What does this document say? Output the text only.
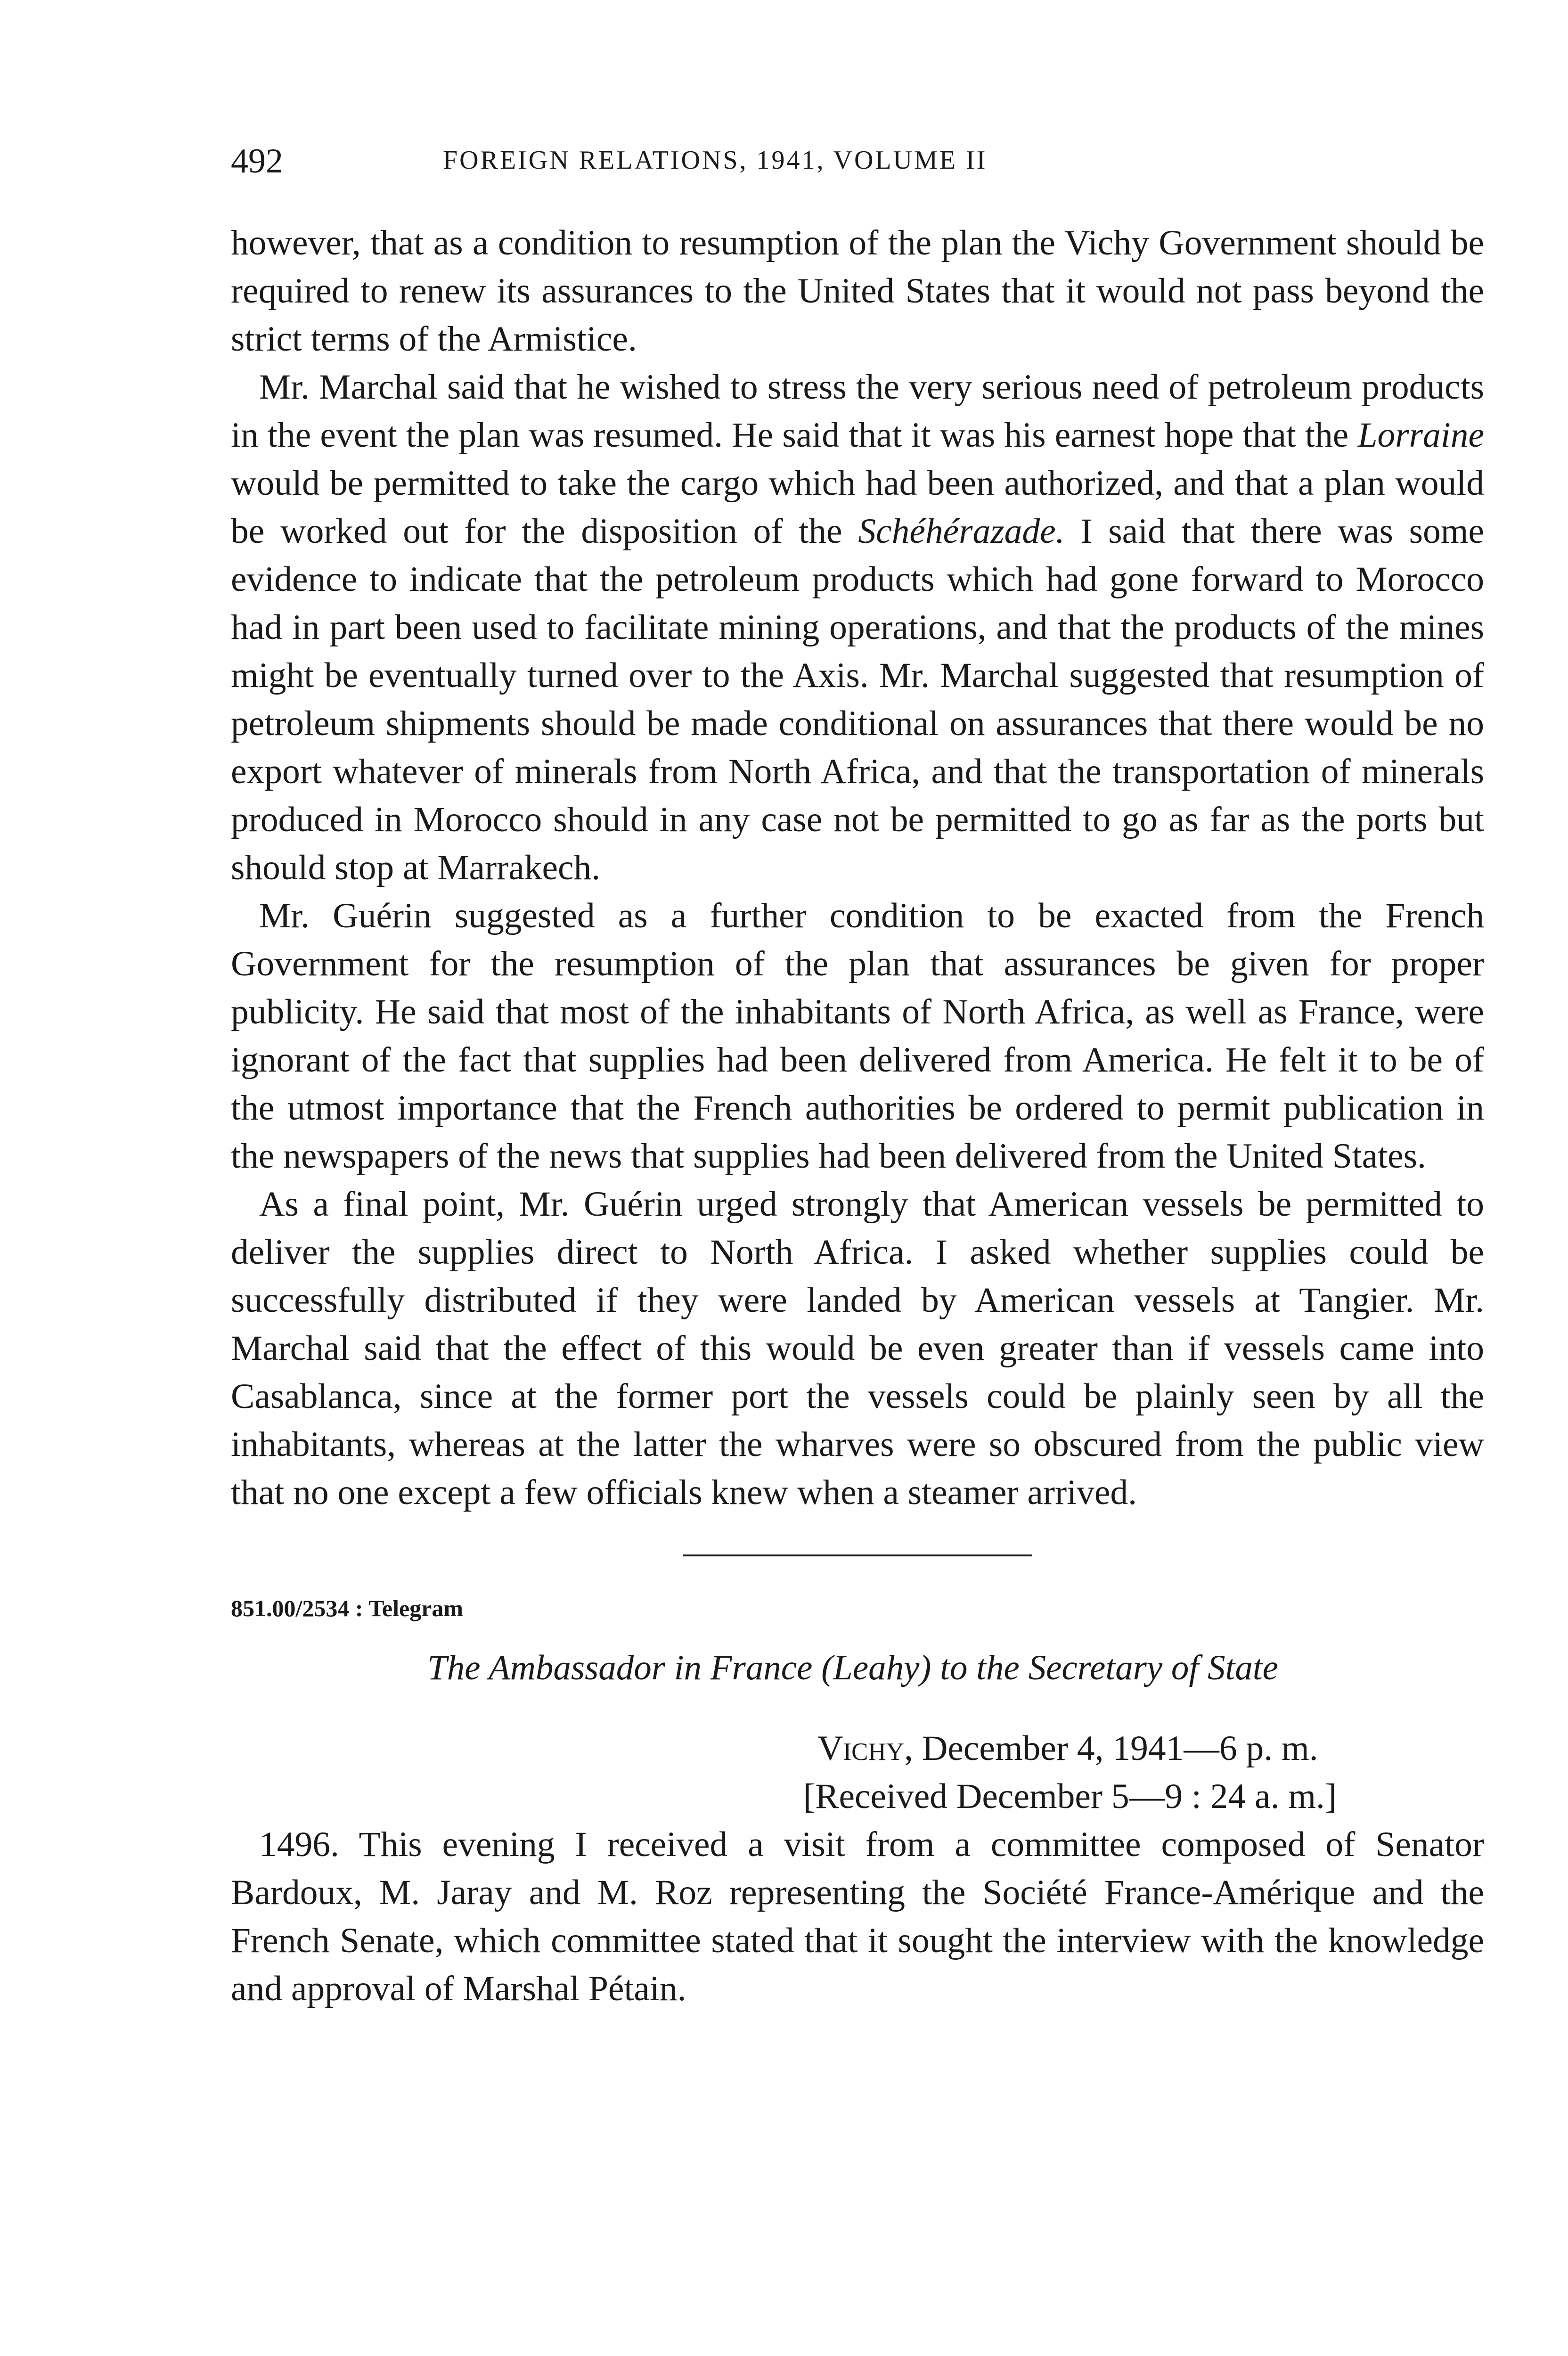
492	FOREIGN RELATIONS, 1941, VOLUME II

however, that as a condition to resumption of the plan the Vichy Government should be required to renew its assurances to the United States that it would not pass beyond the strict terms of the Armistice.

Mr. Marchal said that he wished to stress the very serious need of petroleum products in the event the plan was resumed. He said that it was his earnest hope that the Lorraine would be permitted to take the cargo which had been authorized, and that a plan would be worked out for the disposition of the Schéhérazade. I said that there was some evidence to indicate that the petroleum products which had gone forward to Morocco had in part been used to facilitate mining operations, and that the products of the mines might be eventually turned over to the Axis. Mr. Marchal suggested that resumption of petroleum shipments should be made conditional on assurances that there would be no export whatever of minerals from North Africa, and that the transportation of minerals produced in Morocco should in any case not be permitted to go as far as the ports but should stop at Marrakech.

Mr. Guérin suggested as a further condition to be exacted from the French Government for the resumption of the plan that assurances be given for proper publicity. He said that most of the inhabitants of North Africa, as well as France, were ignorant of the fact that supplies had been delivered from America. He felt it to be of the utmost importance that the French authorities be ordered to permit publication in the newspapers of the news that supplies had been delivered from the United States.

As a final point, Mr. Guérin urged strongly that American vessels be permitted to deliver the supplies direct to North Africa. I asked whether supplies could be successfully distributed if they were landed by American vessels at Tangier. Mr. Marchal said that the effect of this would be even greater than if vessels came into Casablanca, since at the former port the vessels could be plainly seen by all the inhabitants, whereas at the latter the wharves were so obscured from the public view that no one except a few officials knew when a steamer arrived.

851.00/2534 : Telegram
The Ambassador in France (Leahy) to the Secretary of State
Vichy, December 4, 1941—6 p. m.
[Received December 5—9 : 24 a. m.]

1496. This evening I received a visit from a committee composed of Senator Bardoux, M. Jaray and M. Roz representing the Société France-Amérique and the French Senate, which committee stated that it sought the interview with the knowledge and approval of Marshal Pétain.
